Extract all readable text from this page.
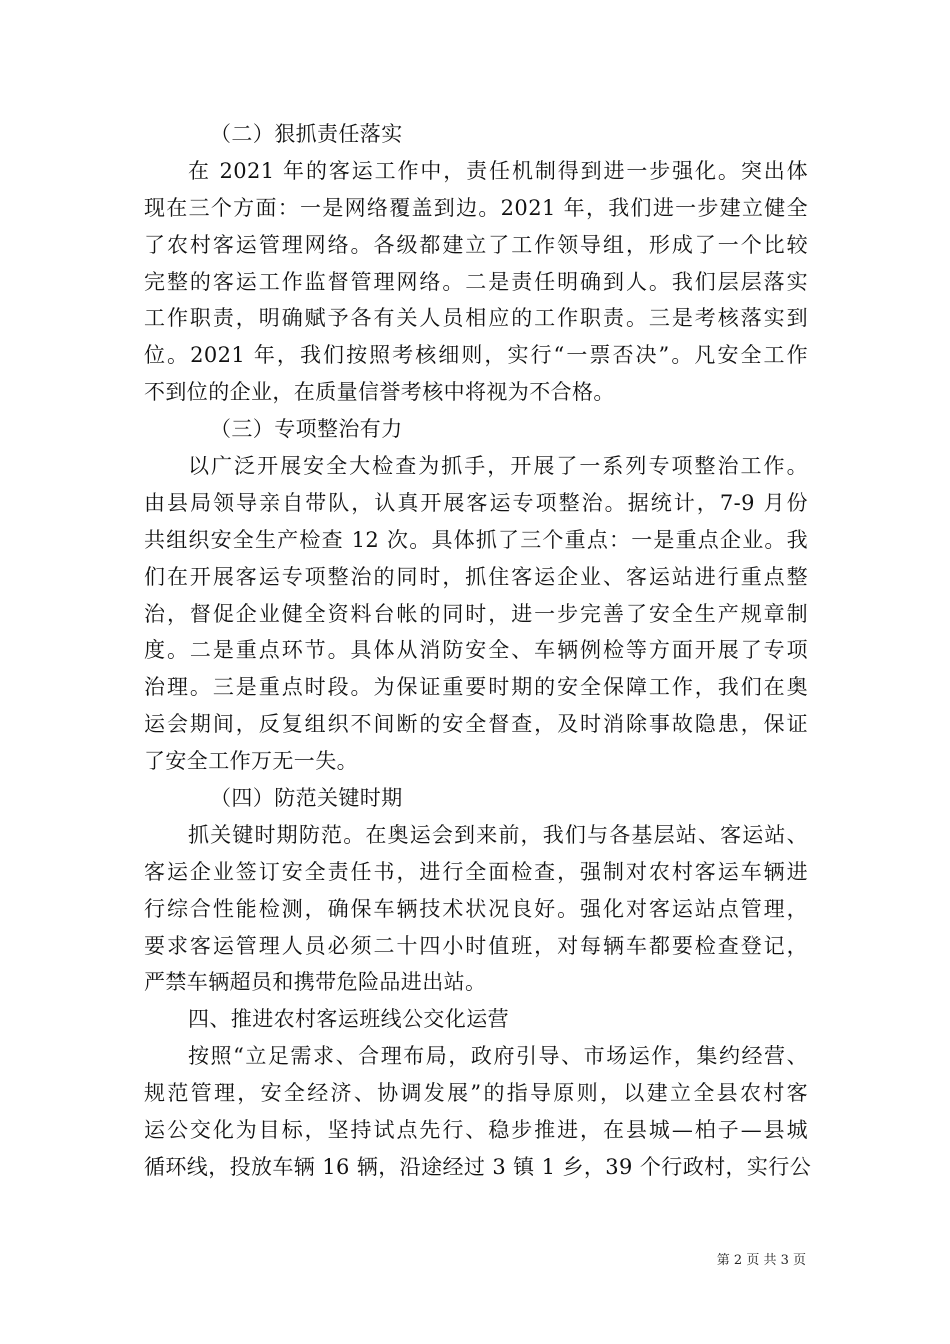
（二）狠抓责任落实
在 2021 年的客运工作中，责任机制得到进一步强化。突出体
现在三个方面：一是网络覆盖到边。2021 年，我们进一步建立健全
了农村客运管理网络。各级都建立了工作领导组，形成了一个比较
完整的客运工作监督管理网络。二是责任明确到人。我们层层落实
工作职责，明确赋予各有关人员相应的工作职责。三是考核落实到
位。2021 年，我们按照考核细则，实行“一票否决”。凡安全工作
不到位的企业，在质量信誉考核中将视为不合格。
（三）专项整治有力
以广泛开展安全大检查为抓手，开展了一系列专项整治工作。
由县局领导亲自带队，认真开展客运专项整治。据统计，7-9 月份
共组织安全生产检查 12 次。具体抓了三个重点：一是重点企业。我
们在开展客运专项整治的同时，抓住客运企业、客运站进行重点整
治，督促企业健全资料台帐的同时，进一步完善了安全生产规章制
度。二是重点环节。具体从消防安全、车辆例检等方面开展了专项
治理。三是重点时段。为保证重要时期的安全保障工作，我们在奥
运会期间，反复组织不间断的安全督查，及时消除事故隐患，保证
了安全工作万无一失。
（四）防范关键时期
抓关键时期防范。在奥运会到来前，我们与各基层站、客运站、
客运企业签订安全责任书，进行全面检查，强制对农村客运车辆进
行综合性能检测，确保车辆技术状况良好。强化对客运站点管理，
要求客运管理人员必须二十四小时值班，对每辆车都要检查登记，
严禁车辆超员和携带危险品进出站。
四、推进农村客运班线公交化运营
按照“立足需求、合理布局，政府引导、市场运作，集约经营、
规范管理，安全经济、协调发展”的指导原则，以建立全县农村客
运公交化为目标，坚持试点先行、稳步推进，在县城—柏子—县城
循环线，投放车辆 16 辆，沿途经过 3 镇 1 乡，39 个行政村，实行公
第 2 页 共 3 页
